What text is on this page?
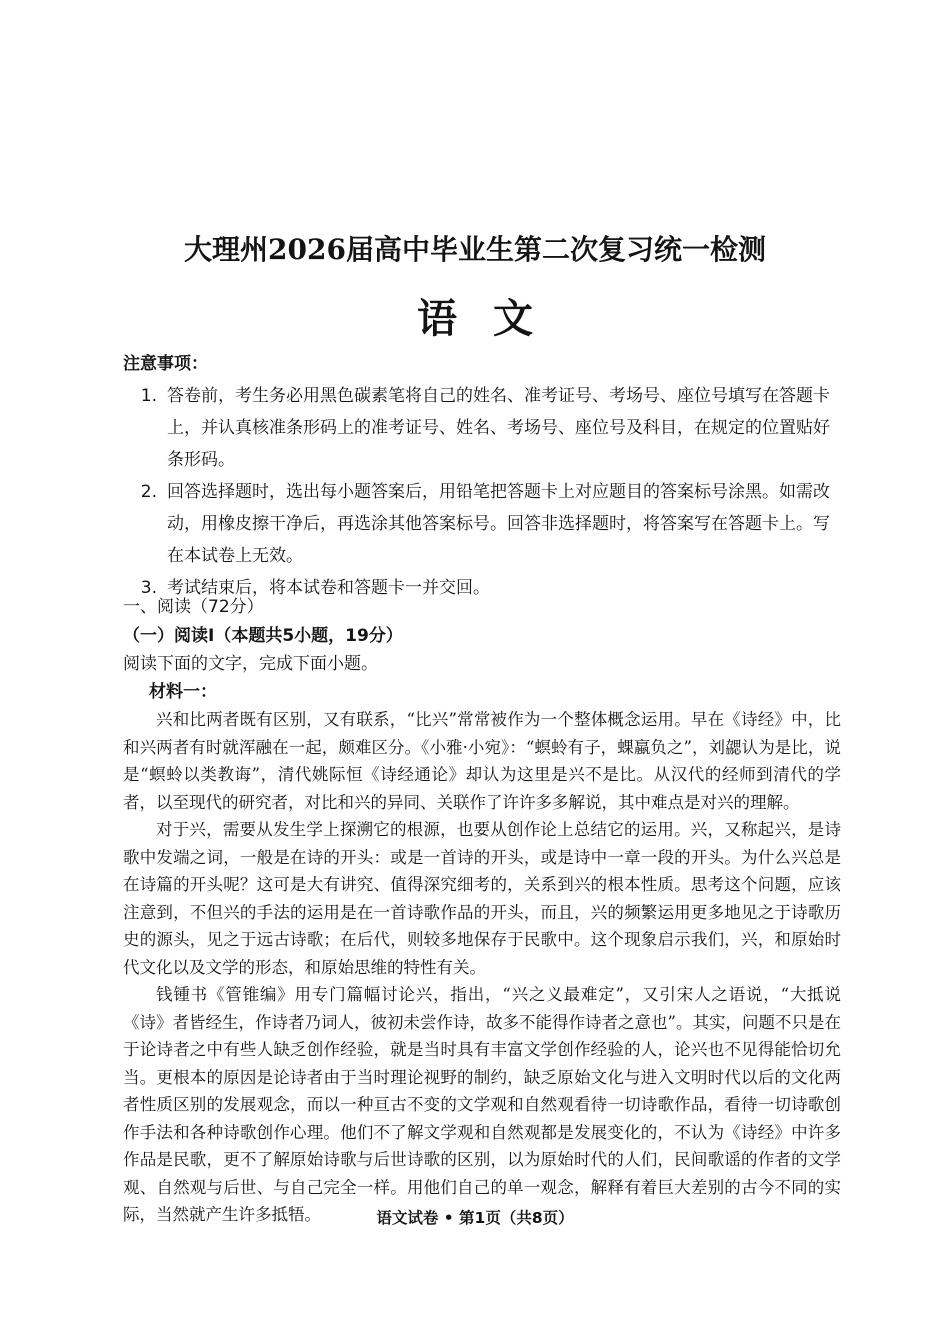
大理州2026届高中毕业生第二次复习统一检测
语文
注意事项：
1. 答卷前，考生务必用黑色碳素笔将自己的姓名、准考证号、考场号、座位号填写在答题卡上，并认真核准条形码上的准考证号、姓名、考场号、座位号及科目，在规定的位置贴好条形码。
2. 回答选择题时，选出每小题答案后，用铅笔把答题卡上对应题目的答案标号涂黑。如需改动，用橡皮擦干净后，再选涂其他答案标号。回答非选择题时，将答案写在答题卡上。写在本试卷上无效。
3. 考试结束后，将本试卷和答题卡一并交回。
一、阅读（72分）
（一）阅读Ⅰ（本题共5小题，19分）
阅读下面的文字，完成下面小题。
材料一：

兴和比两者既有区别，又有联系，“比兴”常常被作为一个整体概念运用。早在《诗经》中，比和兴两者有时就浑融在一起，颇难区分。《小雅·小宛》：“螟蛉有子，蜾蠃负之”，刘勰认为是比，说是“螟蛉以类教诲”，清代姚际恒《诗经通论》却认为这里是兴不是比。从汉代的经师到清代的学者，以至现代的研究者，对比和兴的异同、关联作了许许多多解说，其中难点是对兴的理解。

对于兴，需要从发生学上探溯它的根源，也要从创作论上总结它的运用。兴，又称起兴，是诗歌中发端之词，一般是在诗的开头：或是一首诗的开头，或是诗中一章一段的开头。为什么兴总是在诗篇的开头呢？这可是大有讲究、值得深究细考的，关系到兴的根本性质。思考这个问题，应该注意到，不但兴的手法的运用是在一首诗歌作品的开头，而且，兴的频繁运用更多地见之于诗歌历史的源头，见之于远古诗歌；在后代，则较多地保存于民歌中。这个现象启示我们，兴，和原始时代文化以及文学的形态，和原始思维的特性有关。

钱锺书《管锥编》用专门篇幅讨论兴，指出，“兴之义最难定”，又引宋人之语说，“大抵说《诗》者皆经生，作诗者乃词人，彼初未尝作诗，故多不能得作诗者之意也”。其实，问题不只是在于论诗者之中有些人缺乏创作经验，就是当时具有丰富文学创作经验的人，论兴也不见得能恰切允当。更根本的原因是论诗者由于当时理论视野的制约，缺乏原始文化与进入文明时代以后的文化两者性质区别的发展观念，而以一种亘古不变的文学观和自然观看待一切诗歌作品，看待一切诗歌创作手法和各种诗歌创作心理。他们不了解文学观和自然观都是发展变化的，不认为《诗经》中许多作品是民歌，更不了解原始诗歌与后世诗歌的区别，以为原始时代的人们，民间歌谣的作者的文学观、自然观与后世、与自己完全一样。用他们自己的单一观念，解释有着巨大差别的古今不同的实际，当然就产生许多抵牾。	语文试卷 • 第1页（共8页）
